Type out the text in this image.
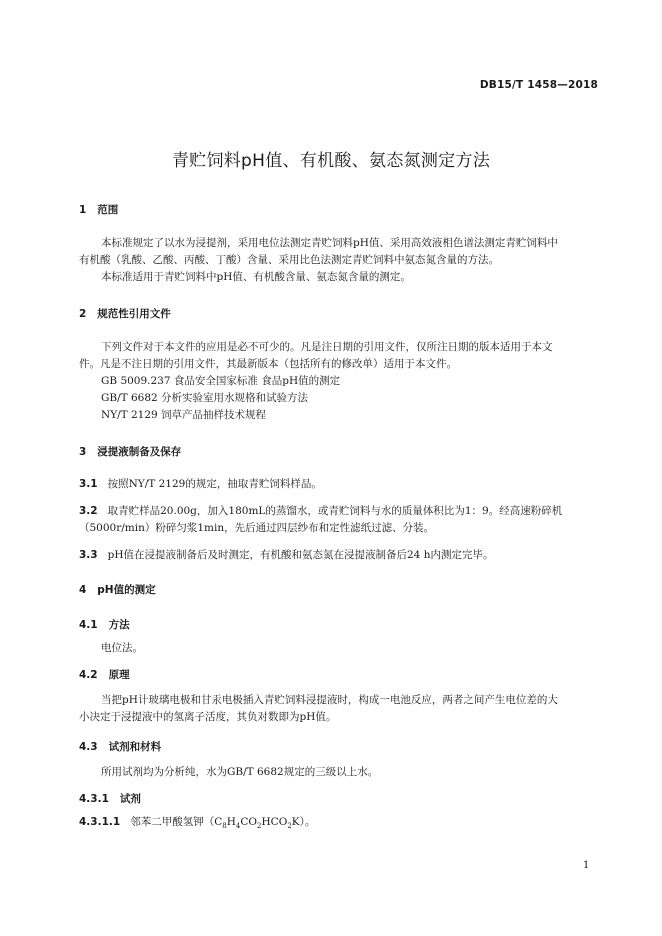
DB15/T 1458—2018
青贮饲料pH值、有机酸、氨态氮测定方法
1 范围
本标准规定了以水为浸提剂，采用电位法测定青贮饲料pH值、采用高效液相色谱法测定青贮饲料中
有机酸（乳酸、乙酸、丙酸、丁酸）含量、采用比色法测定青贮饲料中氨态氮含量的方法。
本标准适用于青贮饲料中pH值、有机酸含量、氨态氮含量的测定。
2 规范性引用文件
下列文件对于本文件的应用是必不可少的。凡是注日期的引用文件，仅所注日期的版本适用于本文
件。凡是不注日期的引用文件，其最新版本（包括所有的修改单）适用于本文件。
GB 5009.237 食品安全国家标准 食品pH值的测定
GB/T 6682 分析实验室用水规格和试验方法
NY/T 2129 饲草产品抽样技术规程
3 浸提液制备及保存
3.1 按照NY/T 2129的规定，抽取青贮饲料样品。
3.2 取青贮样品20.00g，加入180mL的蒸馏水，或青贮饲料与水的质量体积比为1：9。经高速粉碎机
（5000r/min）粉碎匀浆1min，先后通过四层纱布和定性滤纸过滤、分装。
3.3 pH值在浸提液制备后及时测定，有机酸和氨态氮在浸提液制备后24 h内测定完毕。
4 pH值的测定
4.1 方法
电位法。
4.2 原理
当把pH计玻璃电极和甘汞电极插入青贮饲料浸提液时，构成一电池反应，两者之间产生电位差的大
小决定于浸提液中的氢离子活度，其负对数即为pH值。
4.3 试剂和材料
所用试剂均为分析纯，水为GB/T 6682规定的三级以上水。
4.3.1 试剂
4.3.1.1 邻苯二甲酸氢钾$(C_8H_4CO_2HCO_2K)$。
1
